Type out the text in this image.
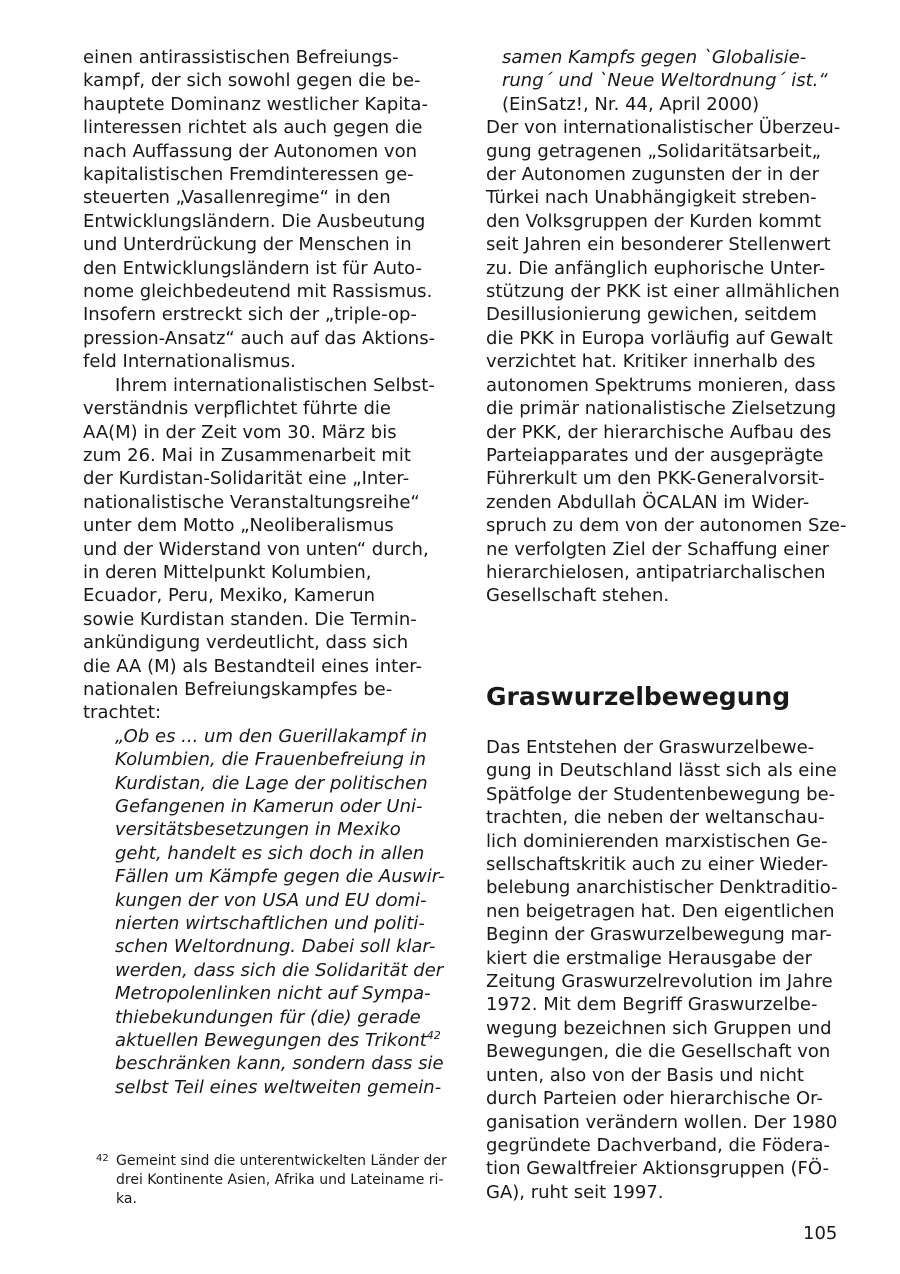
einen antirassistischen Befreiungs-
kampf, der sich sowohl gegen die be-
hauptete Dominanz westlicher Kapita-
linteressen richtet als auch gegen die
nach Auffassung der Autonomen von
kapitalistischen Fremdinteressen ge-
steuerten „Vasallenregime“ in den
Entwicklungsländern. Die Ausbeutung
und Unterdrückung der Menschen in
den Entwicklungsländern ist für Auto-
nome gleichbedeutend mit Rassismus.
Insofern erstreckt sich der „triple-op-
pression-Ansatz“ auch auf das Aktions-
feld Internationalismus.

Ihrem internationalistischen Selbst-
verständnis verpflichtet führte die
AA(M) in der Zeit vom 30. März bis
zum 26. Mai in Zusammenarbeit mit
der Kurdistan-Solidarität eine „Inter-
nationalistische Veranstaltungsreihe“
unter dem Motto „Neoliberalismus
und der Widerstand von unten“ durch,
in deren Mittelpunkt Kolumbien,
Ecuador, Peru, Mexiko, Kamerun
sowie Kurdistan standen. Die Termin-
ankündigung verdeutlicht, dass sich
die AA (M) als Bestandteil eines inter-
nationalen Befreiungskampfes be-
trachtet:

„Ob es ... um den Guerillakampf in
Kolumbien, die Frauenbefreiung in
Kurdistan, die Lage der politischen
Gefangenen in Kamerun oder Uni-
versitätsbesetzungen in Mexiko
geht, handelt es sich doch in allen
Fällen um Kämpfe gegen die Auswir-
kungen der von USA und EU domi-
nierten wirtschaftlichen und politi-
schen Weltordnung. Dabei soll klar-
werden, dass sich die Solidarität der
Metropolenlinken nicht auf Sympa-
thiebekundungen für (die) gerade
aktuellen Bewegungen des Trikont$^{42}$
beschränken kann, sondern dass sie
selbst Teil eines weltweiten gemein-

samen Kampfs gegen `Globalisie-
rung´ und `Neue Weltordnung´ ist.“

(EinSatz!, Nr. 44, April 2000)

Der von internationalistischer Überzeu-
gung getragenen „Solidaritätsarbeit„
der Autonomen zugunsten der in der
Türkei nach Unabhängigkeit streben-
den Volksgruppen der Kurden kommt
seit Jahren ein besonderer Stellenwert
zu. Die anfänglich euphorische Unter-
stützung der PKK ist einer allmählichen
Desillusionierung gewichen, seitdem
die PKK in Europa vorläufig auf Gewalt
verzichtet hat. Kritiker innerhalb des
autonomen Spektrums monieren, dass
die primär nationalistische Zielsetzung
der PKK, der hierarchische Aufbau des
Parteiapparates und der ausgeprägte
Führerkult um den PKK-Generalvorsit-
zenden Abdullah ÖCALAN im Wider-
spruch zu dem von der autonomen Sze-
ne verfolgten Ziel der Schaffung einer
hierarchielosen, antipatriarchalischen
Gesellschaft stehen.

Graswurzelbewegung

Das Entstehen der Graswurzelbewe-
gung in Deutschland lässt sich als eine
Spätfolge der Studentenbewegung be-
trachten, die neben der weltanschau-
lich dominierenden marxistischen Ge-
sellschaftskritik auch zu einer Wieder-
belebung anarchistischer Denktraditio-
nen beigetragen hat. Den eigentlichen
Beginn der Graswurzelbewegung mar-
kiert die erstmalige Herausgabe der
Zeitung Graswurzelrevolution im Jahre
1972. Mit dem Begriff Graswurzelbe-
wegung bezeichnen sich Gruppen und
Bewegungen, die die Gesellschaft von
unten, also von der Basis und nicht
durch Parteien oder hierarchische Or-
ganisation verändern wollen. Der 1980
gegründete Dachverband, die Födera-
tion Gewaltfreier Aktionsgruppen (FÖ-
GA), ruht seit 1997.

42 Gemeint sind die unterentwickelten Länder der
drei Kontinente Asien, Afrika und Lateiname ri-
ka.
105
